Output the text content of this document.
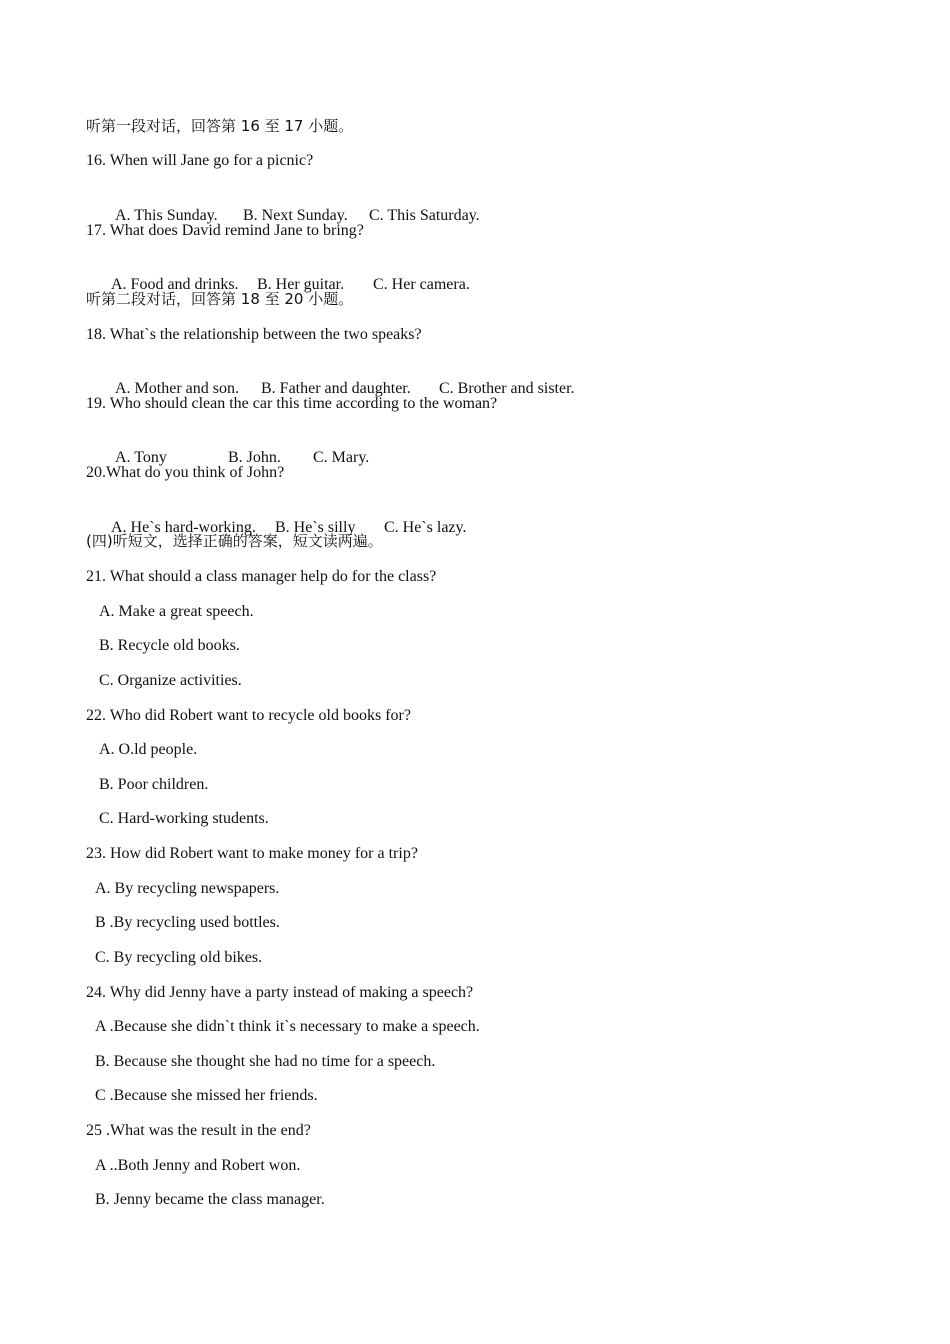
听第一段对话，回答第 16 至 17 小题。
16. When will Jane go for a picnic?

A. This Sunday. B. Next Sunday. C. This Saturday.

17. What does David remind Jane to bring?

A. Food and drinks. B. Her guitar. C. Her camera.

听第二段对话，回答第 18 至 20 小题。
18. What`s the relationship between the two speaks?

A. Mother and son. B. Father and daughter. C. Brother and sister.

19. Who should clean the car this time according to the woman?

A. Tony	B. John. C. Mary.

20.What do you think of John?

A. He`s hard-working. B. He`s silly C. He`s lazy.

(四)听短文，选择正确的答案，短文读两遍。
21. What should a class manager help do for the class?
A. Make a great speech.
B. Recycle old books.
C. Organize activities.
22. Who did Robert want to recycle old books for?
A. O.ld people.
B. Poor children.
C. Hard-working students.
23. How did Robert want to make money for a trip?
A. By recycling newspapers.
B .By recycling used bottles.
C. By recycling old bikes.
24. Why did Jenny have a party instead of making a speech?
A .Because she didn`t think it`s necessary to make a speech.
B. Because she thought she had no time for a speech.
C .Because she missed her friends.
25 .What was the result in the end?
A ..Both Jenny and Robert won.
B. Jenny became the class manager.
